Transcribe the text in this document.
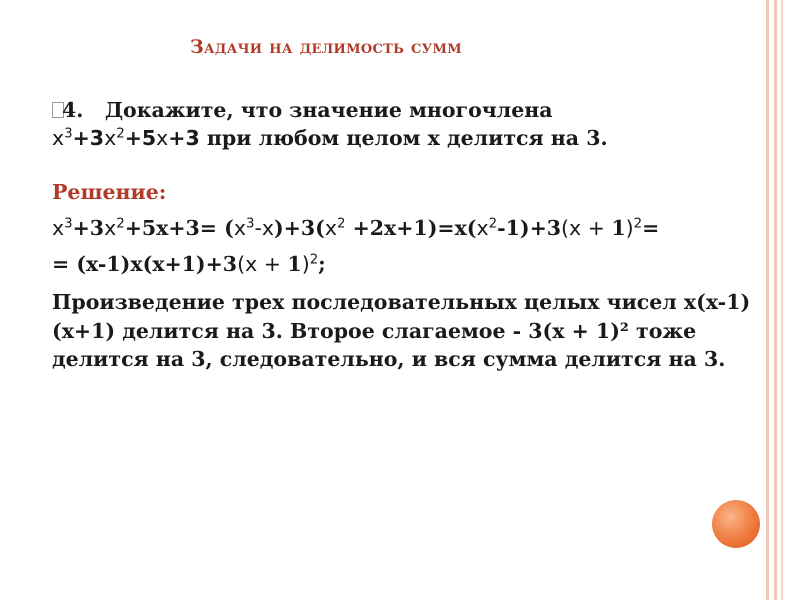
Задачи на делимость сумм
4. Докажите, что значение многочлена
$x^3+3x^2+5x+3$ при любом целом x делится на 3.
Решение:
$x^3+3x^2+5x+3= (x^3-x)+3(x^2 +2x+1)=x(x^2-1)+3(x + 1)^2=$
= $(x-1)x(x+1)+3(x + 1)^2$;
Произведение трех последовательных целых чисел x(x-1)(x+1) делится на 3. Второе слагаемое - 3(x + 1)² тоже делится на 3, следовательно, и вся сумма делится на 3.
